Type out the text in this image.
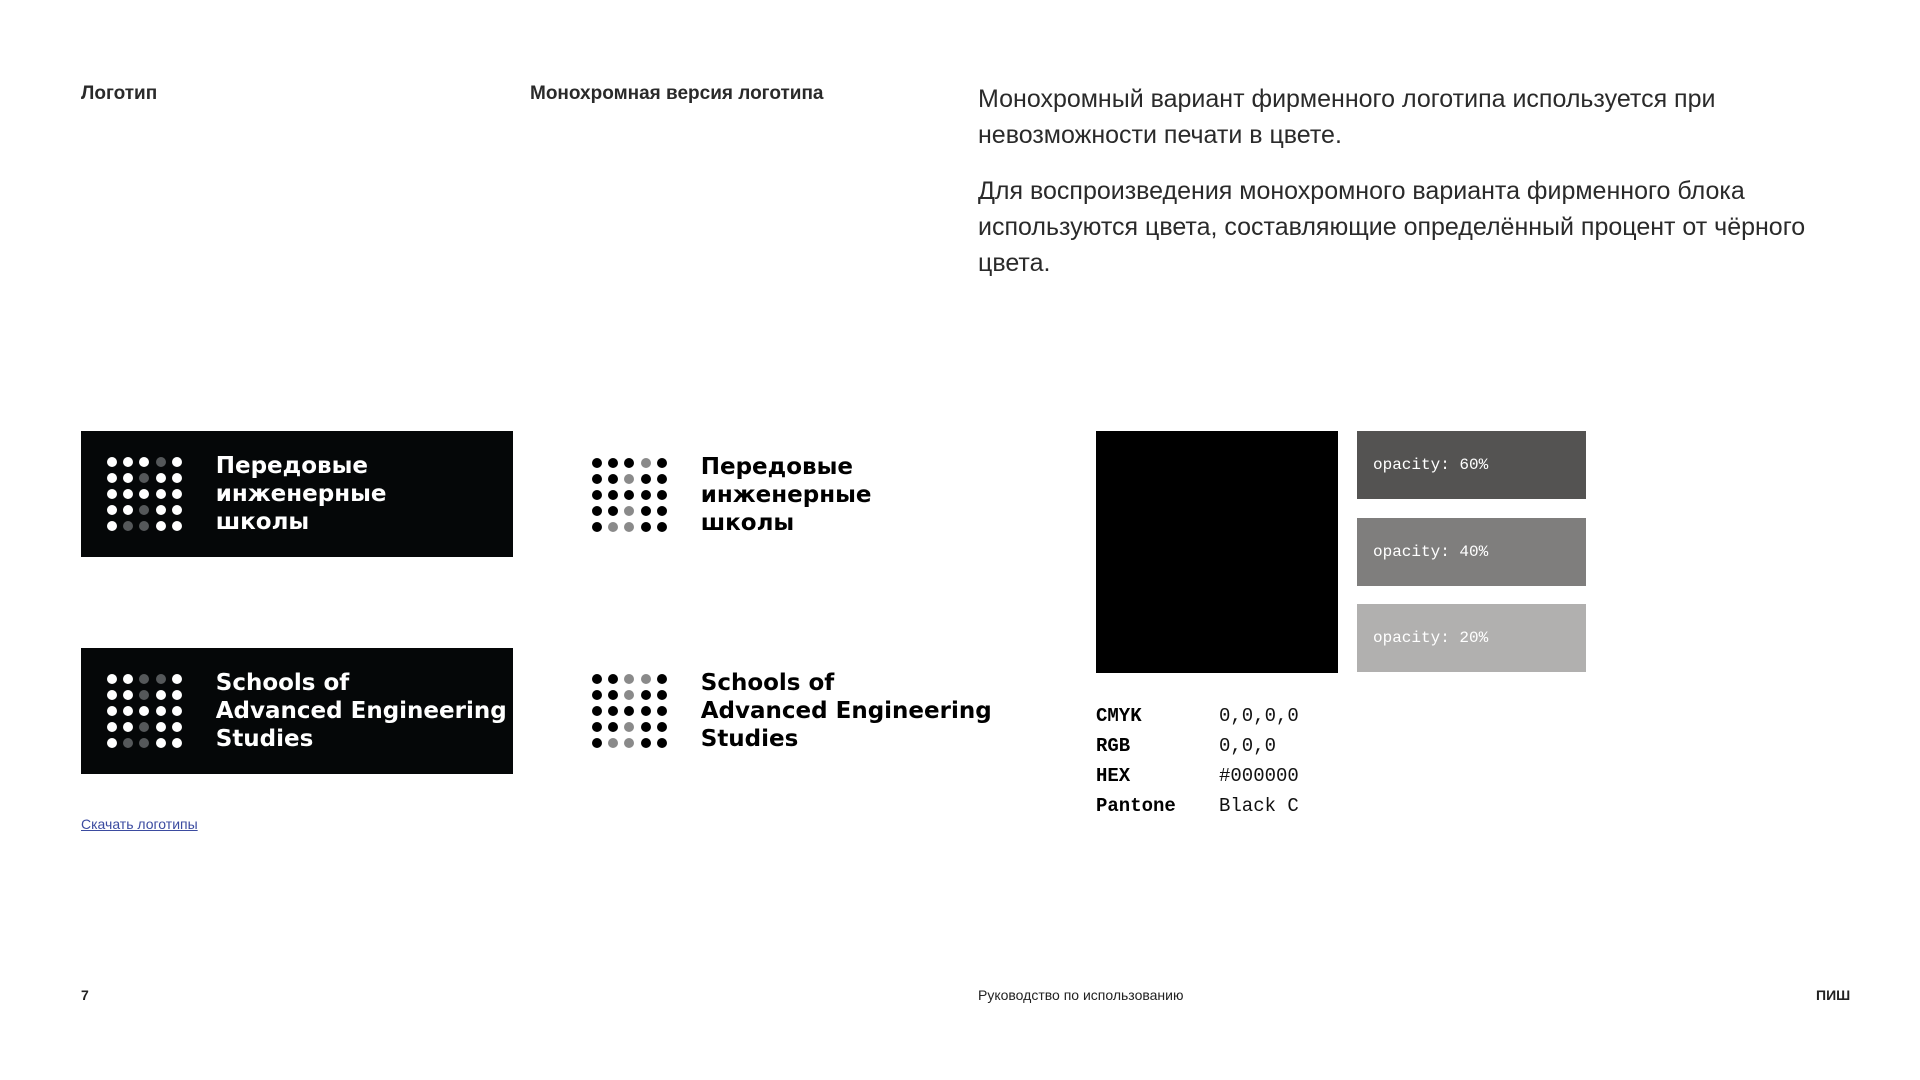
Логотип	Монохромная версия логотипа	Монохромный вариант фирменного логотипа используется при невозможности печати в цвете.

Для воспроизведения монохромного варианта фирменного блока используются цвета, составляющие определённый процент от чёрного цвета.

Передовые
инженерные
школы
Schools of
Advanced Engineering
Studies
Передовые
инженерные
школы
Schools of
Advanced Engineering
Studies
Скачать логотипы
opacity: 60%
opacity: 40%
opacity: 20%
CMYK	0,0,0,0
RGB	0,0,0
HEX	#000000
Pantone	Black C
7	Руководство по использованию	ПИШ
